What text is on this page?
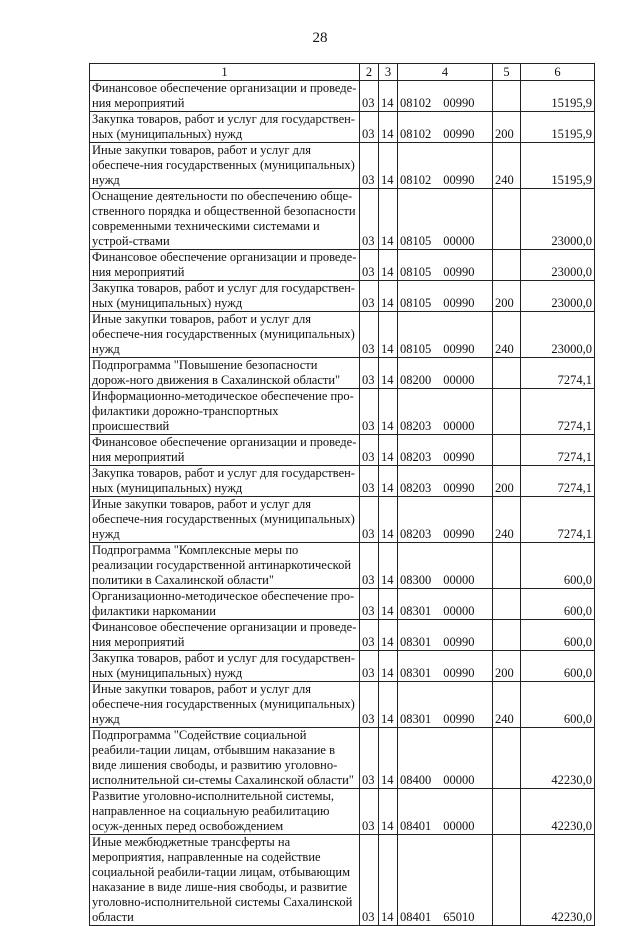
28
1	2	3	4	5	6
Финансовое обеспечение организации и проведе-ния мероприятий	03	14	08102 00990		15195,9
Закупка товаров, работ и услуг для государствен-ных (муниципальных) нужд	03	14	08102 00990	200	15195,9
Иные закупки товаров, работ и услуг для обеспече-ния государственных (муниципальных) нужд	03	14	08102 00990	240	15195,9
Оснащение деятельности по обеспечению обще-ственного порядка и общественной безопасности современными техническими системами и устрой-ствами	03	14	08105 00000		23000,0
Финансовое обеспечение организации и проведе-ния мероприятий	03	14	08105 00990		23000,0
Закупка товаров, работ и услуг для государствен-ных (муниципальных) нужд	03	14	08105 00990	200	23000,0
Иные закупки товаров, работ и услуг для обеспече-ния государственных (муниципальных) нужд	03	14	08105 00990	240	23000,0
Подпрограмма "Повышение безопасности дорож-ного движения в Сахалинской области"	03	14	08200 00000		7274,1
Информационно-методическое обеспечение про-филактики дорожно-транспортных происшествий	03	14	08203 00000		7274,1
Финансовое обеспечение организации и проведе-ния мероприятий	03	14	08203 00990		7274,1
Закупка товаров, работ и услуг для государствен-ных (муниципальных) нужд	03	14	08203 00990	200	7274,1
Иные закупки товаров, работ и услуг для обеспече-ния государственных (муниципальных) нужд	03	14	08203 00990	240	7274,1
Подпрограмма "Комплексные меры по реализации государственной антинаркотической политики в Сахалинской области"	03	14	08300 00000		600,0
Организационно-методическое обеспечение про-филактики наркомании	03	14	08301 00000		600,0
Финансовое обеспечение организации и проведе-ния мероприятий	03	14	08301 00990		600,0
Закупка товаров, работ и услуг для государствен-ных (муниципальных) нужд	03	14	08301 00990	200	600,0
Иные закупки товаров, работ и услуг для обеспече-ния государственных (муниципальных) нужд	03	14	08301 00990	240	600,0
Подпрограмма "Содействие социальной реабили-тации лицам, отбывшим наказание в виде лишения свободы, и развитию уголовно-исполнительной си-стемы Сахалинской области"	03	14	08400 00000		42230,0
Развитие уголовно-исполнительной системы, направленное на социальную реабилитацию осуж-денных перед освобождением	03	14	08401 00000		42230,0
Иные межбюджетные трансферты на мероприятия, направленные на содействие социальной реабили-тации лицам, отбывающим наказание в виде лише-ния свободы, и развитие уголовно-исполнительной системы Сахалинской области	03	14	08401 65010		42230,0
